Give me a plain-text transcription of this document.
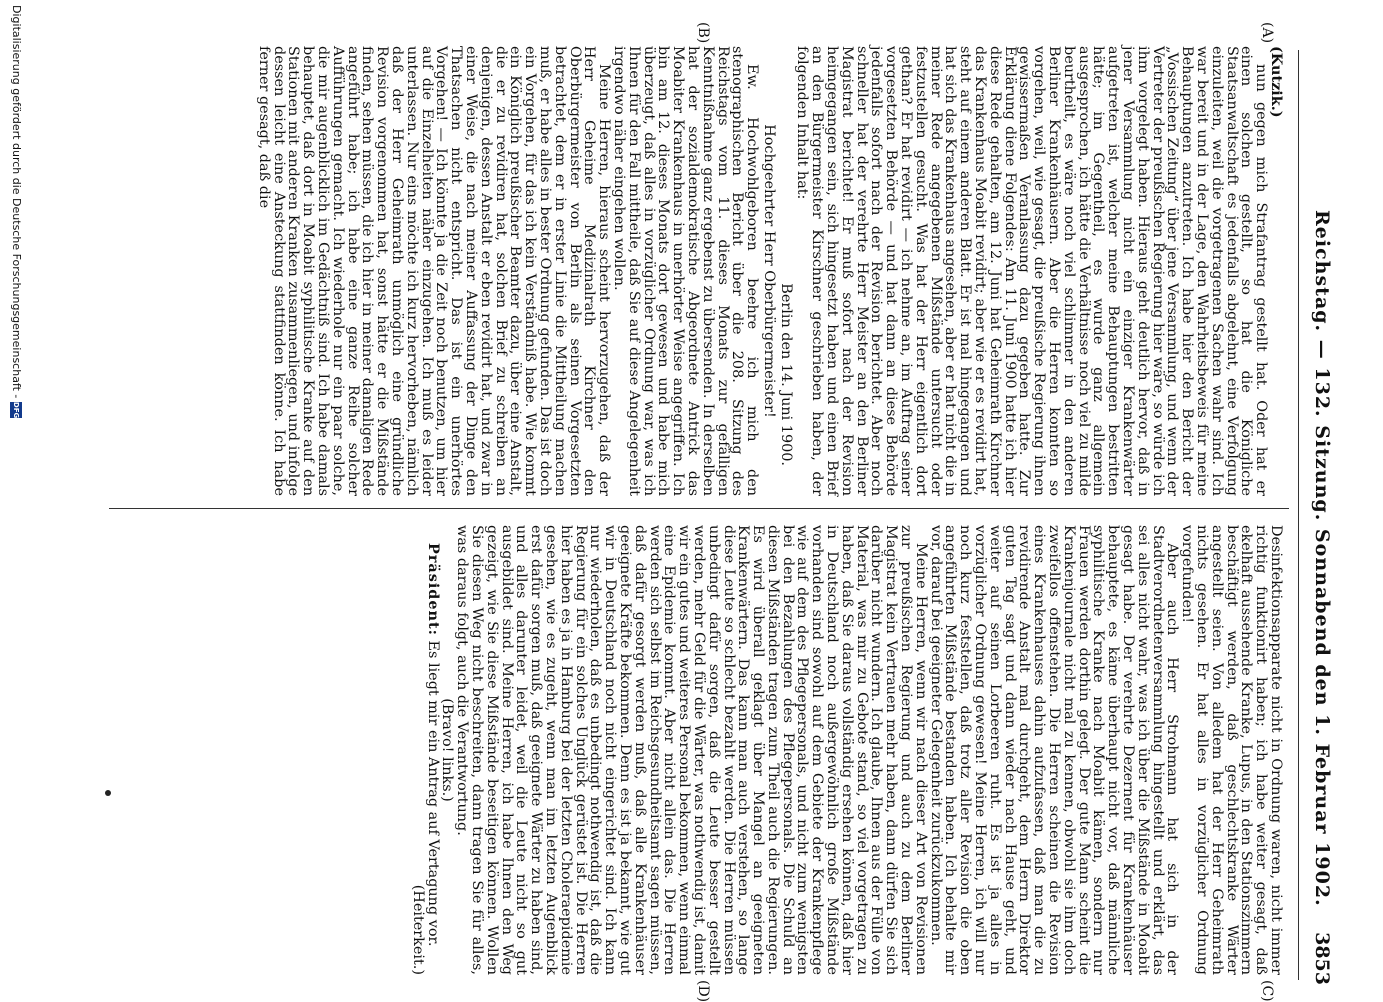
Reichstag. — 132. Sitzung. Sonnabend den 1. Februar 1902.
3853
(A)
(B)
(C)
(D)

(Kutzik.)

nun gegen mich Strafantrag gestellt hat. Oder hat er einen solchen gestellt, so hat die Königliche Staatsanwaltschaft es jedenfalls abgelehnt, eine Verfolgung einzuleiten, weil die vorgetragenen Sachen wahr sind. Ich war bereit und in der Lage, den Wahrheitsbeweis für meine Behauptungen anzutreten. Ich habe hier den Bericht der „Vossischen Zeitung“ über jene Versammlung, und wenn der Vertreter der preußischen Regierung hier wäre, so würde ich ihm vorgelegt haben. Hieraus geht deutlich hervor, daß in jener Versammlung nicht ein einziger Krankenwärter aufgetreten ist, welcher meine Behauptungen bestritten hätte; im Gegentheil, es wurde ganz allgemein ausgesprochen, ich hätte die Verhältnisse noch viel zu milde beurtheilt, es wäre noch viel schlimmer in den anderen Berliner Krankenhäusern. Aber die Herren konnten so vorgehen, weil, wie gesagt, die preußische Regierung ihnen gewissermaßen Veranlassung dazu gegeben hatte. Zur Erklärung diene Folgendes: Am 11. Juni 1900 hatte ich hier diese Rede gehalten, am 12. Juni hat Geheimrath Kirchner das Krankenhaus Moabit revidirt; aber wie er es revidirt hat, steht auf einem anderen Blatt. Er ist mal hingegangen und hat sich das Krankenhaus angesehen, aber er hat nicht die in meiner Rede angegebenen Mißstände untersucht oder festzustellen gesucht. Was hat der Herr eigentlich dort gethan? Er hat revidirt — ich nehme an, im Auftrag seiner vorgesetzten Behörde — und hat dann an diese Behörde jedenfalls sofort nach der Revision berichtet. Aber noch schneller hat der verehrte Herr Meister an den Berliner Magistrat berichtet! Er muß sofort nach der Revision heimgegangen sein, sich hingesetzt haben und einen Brief an den Bürgermeister Kirschner geschrieben haben, der folgenden Inhalt hat:

Berlin den 14. Juni 1900.

Hochgeehrter Herr Oberbürgermeister!

Ew. Hochwohlgeboren beehre ich mich den stenographischen Bericht über die 208. Sitzung des Reichstags vom 11. dieses Monats zur gefälligen Kenntnißnahme ganz ergebenst zu übersenden. In derselben hat der sozialdemokratische Abgeordnete Antrick das Moabiter Krankenhaus in unerhörter Weise angegriffen. Ich bin am 12. dieses Monats dort gewesen und habe mich überzeugt, daß alles in vorzüglicher Ordnung war, was ich Ihnen für den Fall mittheile, daß Sie auf diese Angelegenheit irgendwo näher eingehen wollen.

Meine Herren, hieraus scheint hervorzugehen, daß der Herr Geheime Medizinalrath Kirchner den Oberbürgermeister von Berlin als seinen Vorgesetzten betrachtet, dem er in erster Linie die Mittheilung machen muß, er habe alles in bester Ordnung gefunden. Das ist doch ein Vorgehen, für das ich kein Verständniß habe. Wie kommt ein Königlich preußischer Beamter dazu, über eine Anstalt, die er zu revidiren hat, solchen Brief zu schreiben an denjenigen, dessen Anstalt er eben revidirt hat, und zwar in einer Weise, die nach meiner Auffassung der Dinge den Thatsachen nicht entspricht. Das ist ein unerhörtes Vorgehen! — Ich könnte ja die Zeit noch benutzen, um hier auf die Einzelheiten näher einzugehen. Ich muß es leider unterlassen. Nur eins möchte ich kurz hervorheben, nämlich daß der Herr Geheimrath unmöglich eine gründliche Revision vorgenommen hat, sonst hätte er die Mißstände finden, sehen müssen, die ich hier in meiner damaligen Rede angeführt habe; ich habe eine ganze Reihe solcher Aufführungen gemacht. Ich wiederhole nur ein paar solche, die mir augenblicklich im Gedächtniß sind. Ich habe damals behauptet, daß dort in Moabit syphilitische Kranke auf den Stationen mit anderen Kranken zusammenliegen, und infolge dessen leicht eine Ansteckung stattfinden könne. Ich habe ferner gesagt, daß die

Desinfektionsapparate nicht in Ordnung waren, nicht immer richtig funktionirt haben; ich habe weiter gesagt, daß ekelhaft aussehende Kranke, Lupus, in den Stationszimmern beschäftigt werden, daß geschlechtskranke Wärter angestellt seien. Von alledem hat der Herr Geheimrath nichts gesehen. Er hat alles in vorzüglicher Ordnung vorgefunden!

Aber auch Herr Strohmann hat sich in der Stadtverordnetenversammlung hingestellt und erklärt, das sei alles nicht wahr, was ich über die Mißstände in Moabit gesagt habe. Der verehrte Dezernent für Krankenhäuser behauptete, es käme überhaupt nicht vor, daß männliche syphilitische Kranke nach Moabit kämen, sondern nur Frauen werden dorthin gelegt. Der gute Mann scheint die Krankenjournale nicht mal zu kennen, obwohl sie ihm doch zweifellos offenstehen. Die Herren scheinen die Revision eines Krankenhauses dahin aufzufassen, daß man die zu revidirende Anstalt mal durchgeht, dem Herrn Direktor guten Tag sagt und dann wieder nach Hause geht, und weiter auf seinen Lorbeeren ruht. Es ist ja alles in vorzüglicher Ordnung gewesen! Meine Herren, ich will nur noch kurz feststellen, daß trotz aller Revision die oben angeführten Mißstände bestanden haben. Ich behalte mir vor, darauf bei geeigneter Gelegenheit zurückzukommen.

Meine Herren, wenn wir nach dieser Art von Revisionen zur preußischen Regierung und auch zu dem Berliner Magistrat kein Vertrauen mehr haben, dann dürfen Sie sich darüber nicht wundern. Ich glaube, Ihnen aus der Fülle von Material, was mir zu Gebote stand, so viel vorgetragen zu haben, daß Sie daraus vollständig ersehen können, daß hier in Deutschland noch außergewöhnlich große Mißstände vorhanden sind sowohl auf dem Gebiete der Krankenpflege wie auf dem des Pflegepersonals, und nicht zum wenigsten bei den Bezahlungen des Pflegepersonals. Die Schuld an diesen Mißständen tragen zum Theil auch die Regierungen. Es wird überall geklagt über Mangel an geeigneten Krankenwärtern. Das kann man auch verstehen, so lange diese Leute so schlecht bezahlt werden. Die Herren müssen unbedingt dafür sorgen, daß die Leute besser gestellt werden, mehr Geld für die Wärter, was nothwendig ist, damit wir ein gutes und weiteres Personal bekommen, wenn einmal eine Epidemie kommt. Aber nicht allein das. Die Herren werden sich selbst im Reichsgesundheitsamt sagen müssen, daß dafür gesorgt werden muß, daß alle Krankenhäuser geeignete Kräfte bekommen. Denn es ist ja bekannt, wie gut wir in Deutschland noch nicht eingerichtet sind. Ich kann nur wiederholen, daß es unbedingt nothwendig ist, daß die Regierung für ein solches Unglück gerüstet ist. Die Herren hier haben es ja in Hamburg bei der letzten Choleraepidemie gesehen, wie es zugeht, wenn man im letzten Augenblick erst dafür sorgen muß, daß geeignete Wärter zu haben sind, und alles darunter leidet, weil die Leute nicht so gut ausgebildet sind. Meine Herren, ich habe Ihnen den Weg gezeigt, wie Sie diese Mißstände beseitigen können. Wollen Sie diesen Weg nicht beschreiten, dann tragen Sie für alles, was daraus folgt, auch die Verantwortung.

(Bravo! links.)

Präsident: Es liegt mir ein Antrag auf Vertagung vor.

(Heiterkeit.)

Digitalisierung gefördert durch die Deutsche Forschungsgemeinschaft - DFG
